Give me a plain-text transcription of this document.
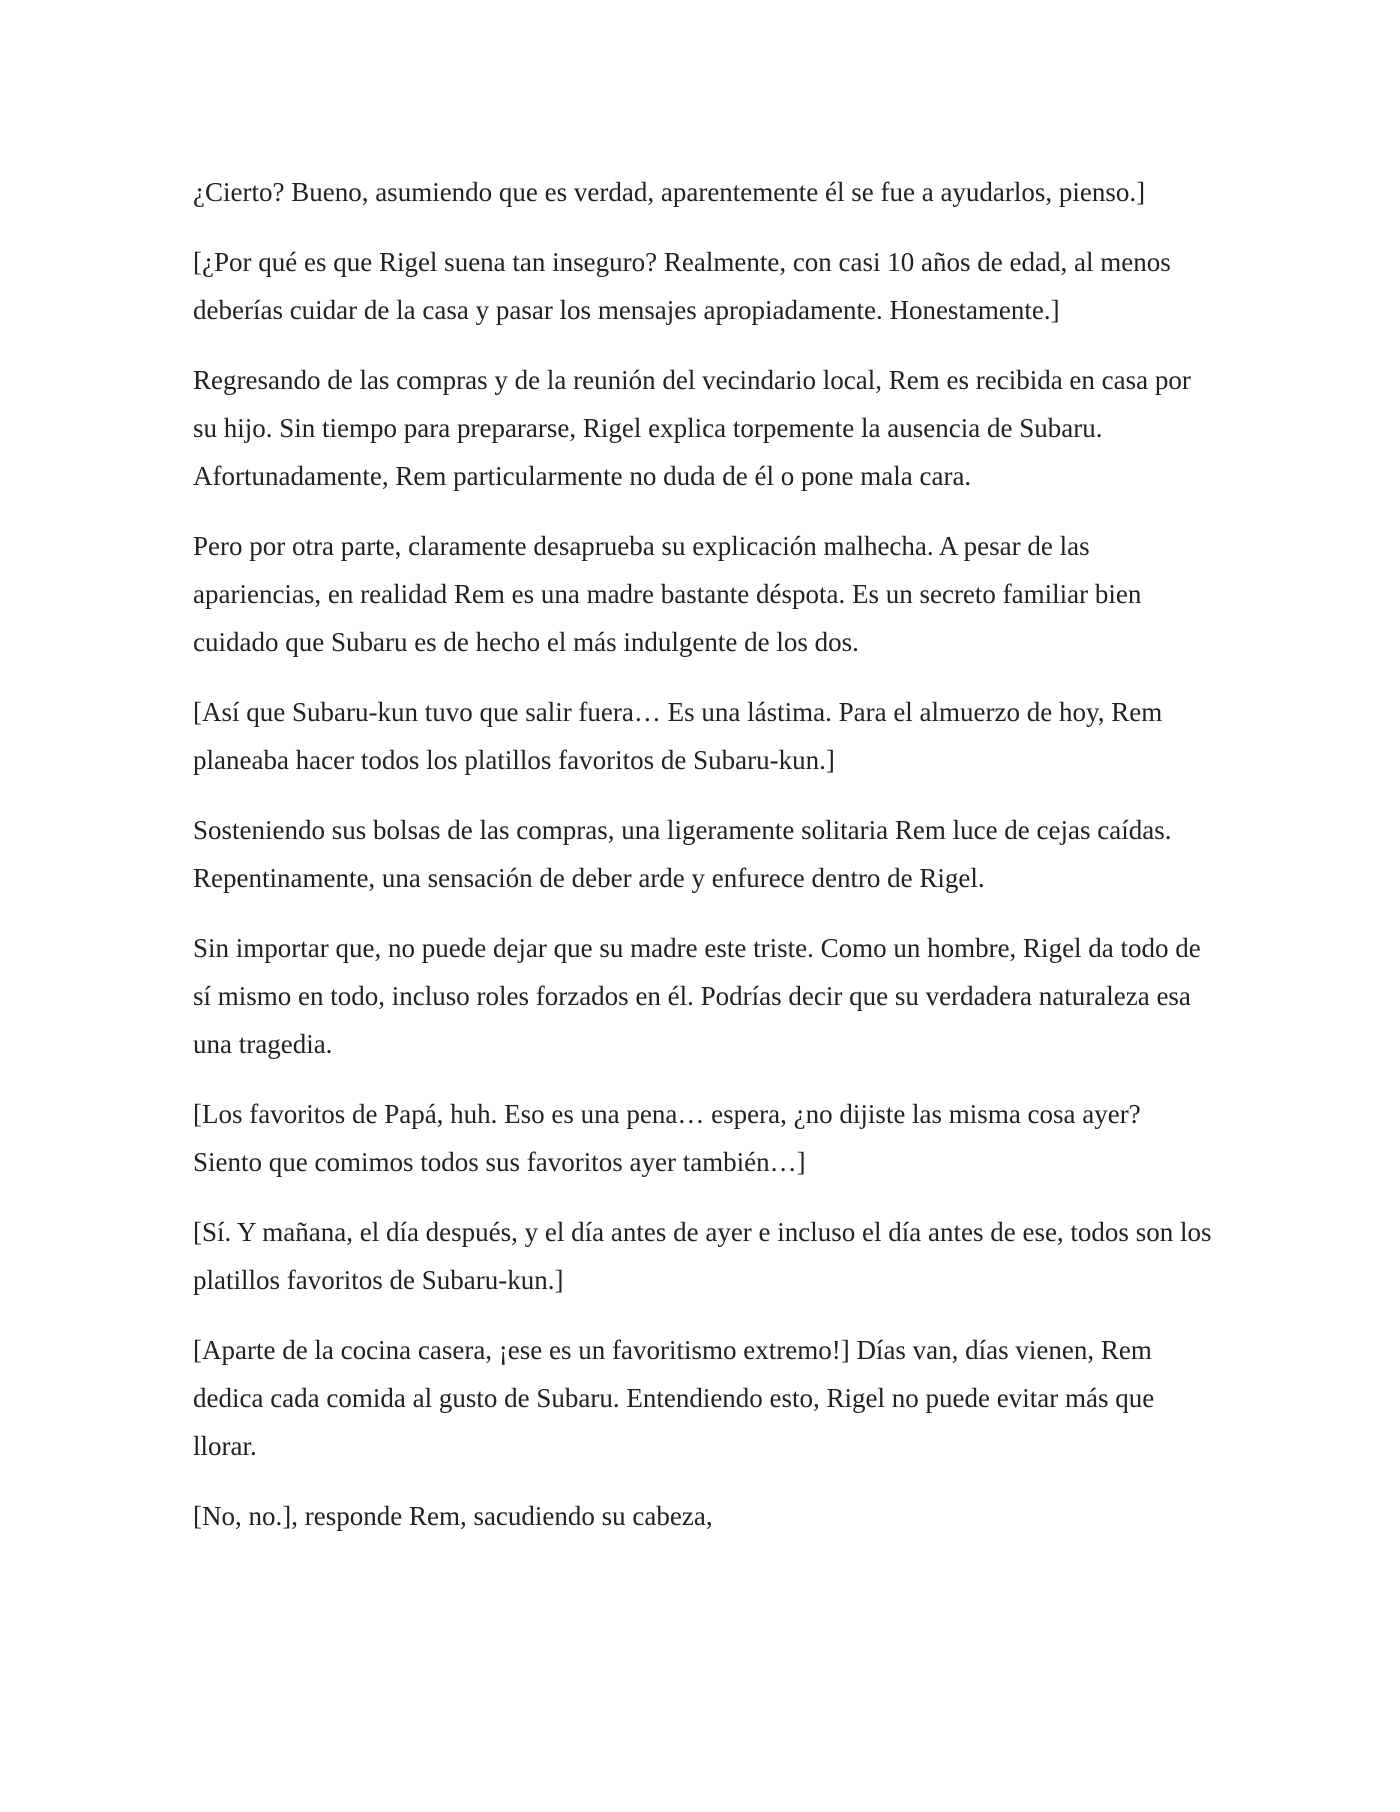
¿Cierto? Bueno, asumiendo que es verdad, aparentemente él se fue a ayudarlos, pienso.]

[¿Por qué es que Rigel suena tan inseguro? Realmente, con casi 10 años de edad, al menos deberías cuidar de la casa y pasar los mensajes apropiadamente. Honestamente.]

Regresando de las compras y de la reunión del vecindario local, Rem es recibida en casa por su hijo. Sin tiempo para prepararse, Rigel explica torpemente la ausencia de Subaru. Afortunadamente, Rem particularmente no duda de él o pone mala cara.

Pero por otra parte, claramente desaprueba su explicación malhecha. A pesar de las apariencias, en realidad Rem es una madre bastante déspota. Es un secreto familiar bien cuidado que Subaru es de hecho el más indulgente de los dos.

[Así que Subaru-kun tuvo que salir fuera… Es una lástima. Para el almuerzo de hoy, Rem planeaba hacer todos los platillos favoritos de Subaru-kun.]

Sosteniendo sus bolsas de las compras, una ligeramente solitaria Rem luce de cejas caídas. Repentinamente, una sensación de deber arde y enfurece dentro de Rigel.

Sin importar que, no puede dejar que su madre este triste. Como un hombre, Rigel da todo de sí mismo en todo, incluso roles forzados en él. Podrías decir que su verdadera naturaleza esa una tragedia.

[Los favoritos de Papá, huh. Eso es una pena… espera, ¿no dijiste las misma cosa ayer? Siento que comimos todos sus favoritos ayer también…]

[Sí. Y mañana, el día después, y el día antes de ayer e incluso el día antes de ese, todos son los platillos favoritos de Subaru-kun.]

[Aparte de la cocina casera, ¡ese es un favoritismo extremo!] Días van, días vienen, Rem dedica cada comida al gusto de Subaru. Entendiendo esto, Rigel no puede evitar más que llorar.

[No, no.], responde Rem, sacudiendo su cabeza,
